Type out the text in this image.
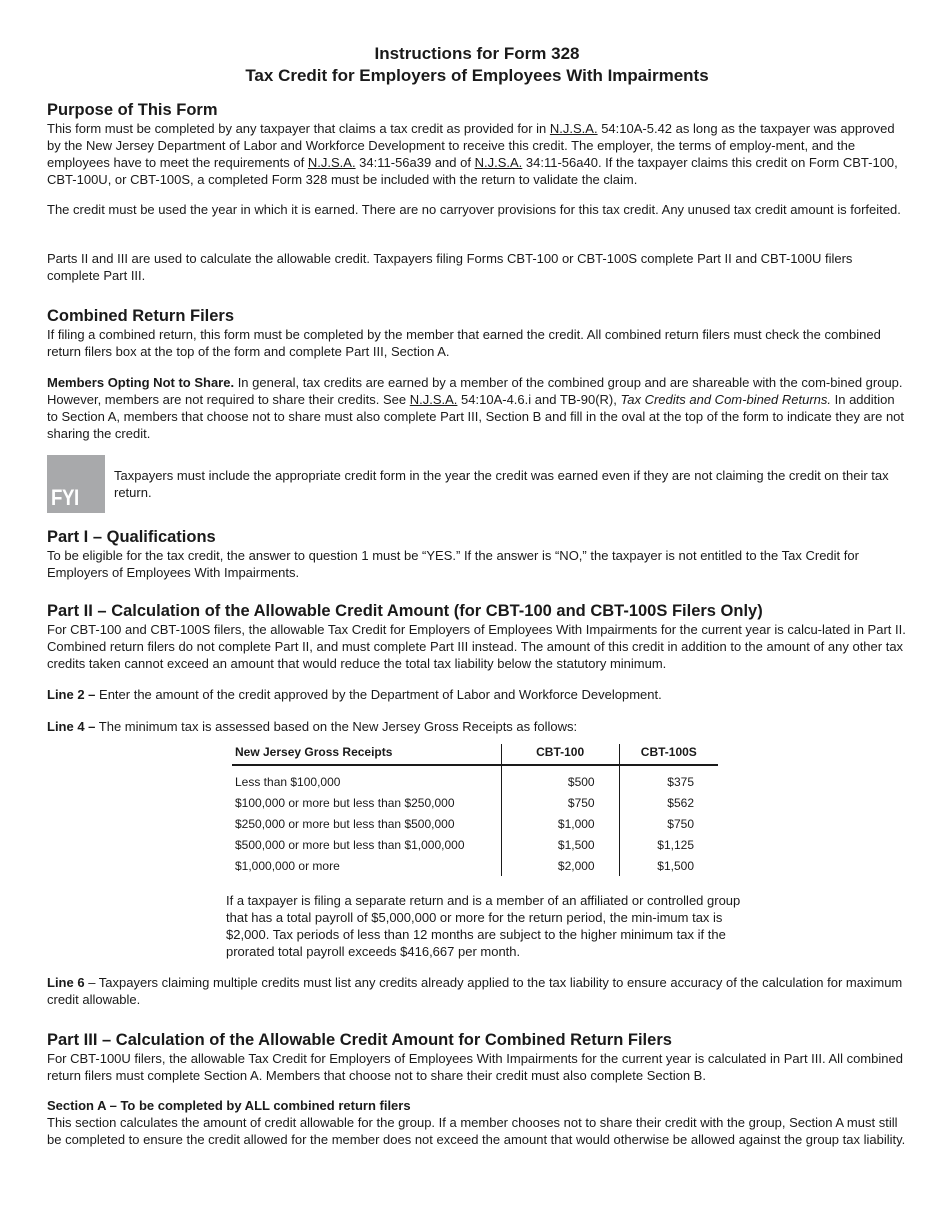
Instructions for Form 328

Tax Credit for Employers of Employees With Impairments

Purpose of This Form

This form must be completed by any taxpayer that claims a tax credit as provided for in N.J.S.A. 54:10A-5.42 as long as the taxpayer was approved by the New Jersey Department of Labor and Workforce Development to receive this credit. The employer, the terms of employ-ment, and the employees have to meet the requirements of N.J.S.A. 34:11-56a39 and of N.J.S.A. 34:11-56a40. If the taxpayer claims this credit on Form CBT-100, CBT-100U, or CBT-100S, a completed Form 328 must be included with the return to validate the claim.

The credit must be used the year in which it is earned. There are no carryover provisions for this tax credit. Any unused tax credit amount is forfeited.

Parts II and III are used to calculate the allowable credit. Taxpayers filing Forms CBT-100 or CBT-100S complete Part II and CBT-100U filers complete Part III.

Combined Return Filers

If filing a combined return, this form must be completed by the member that earned the credit. All combined return filers must check the combined return filers box at the top of the form and complete Part III, Section A.

Members Opting Not to Share. In general, tax credits are earned by a member of the combined group and are shareable with the com-bined group. However, members are not required to share their credits. See N.J.S.A. 54:10A-4.6.i and TB-90(R), Tax Credits and Com-bined Returns. In addition to Section A, members that choose not to share must also complete Part III, Section B and fill in the oval at the top of the form to indicate they are not sharing the credit.

FYI

Taxpayers must include the appropriate credit form in the year the credit was earned even if they are not claiming the credit on their tax return.

Part I – Qualifications

To be eligible for the tax credit, the answer to question 1 must be “YES.” If the answer is “NO,” the taxpayer is not entitled to the Tax Credit for Employers of Employees With Impairments.

Part II – Calculation of the Allowable Credit Amount (for CBT-100 and CBT-100S Filers Only)

For CBT-100 and CBT-100S filers, the allowable Tax Credit for Employers of Employees With Impairments for the current year is calcu-lated in Part II. Combined return filers do not complete Part II, and must complete Part III instead. The amount of this credit in addition to the amount of any other tax credits taken cannot exceed an amount that would reduce the total tax liability below the statutory minimum.

Line 2 – Enter the amount of the credit approved by the Department of Labor and Workforce Development.

Line 4 – The minimum tax is assessed based on the New Jersey Gross Receipts as follows:

New Jersey Gross Receipts	CBT-100	CBT-100S
Less than $100,000	$500	$375
$100,000 or more but less than $250,000	$750	$562
$250,000 or more but less than $500,000	$1,000	$750
$500,000 or more but less than $1,000,000	$1,500	$1,125
$1,000,000 or more	$2,000	$1,500

If a taxpayer is filing a separate return and is a member of an affiliated or controlled group that has a total payroll of $5,000,000 or more for the return period, the min-imum tax is $2,000. Tax periods of less than 12 months are subject to the higher minimum tax if the prorated total payroll exceeds $416,667 per month.

Line 6 – Taxpayers claiming multiple credits must list any credits already applied to the tax liability to ensure accuracy of the calculation for maximum credit allowable.

Part III – Calculation of the Allowable Credit Amount for Combined Return Filers

For CBT-100U filers, the allowable Tax Credit for Employers of Employees With Impairments for the current year is calculated in Part III. All combined return filers must complete Section A. Members that choose not to share their credit must also complete Section B.

Section A – To be completed by ALL combined return filers

This section calculates the amount of credit allowable for the group. If a member chooses not to share their credit with the group, Section A must still be completed to ensure the credit allowed for the member does not exceed the amount that would otherwise be allowed against the group tax liability.
